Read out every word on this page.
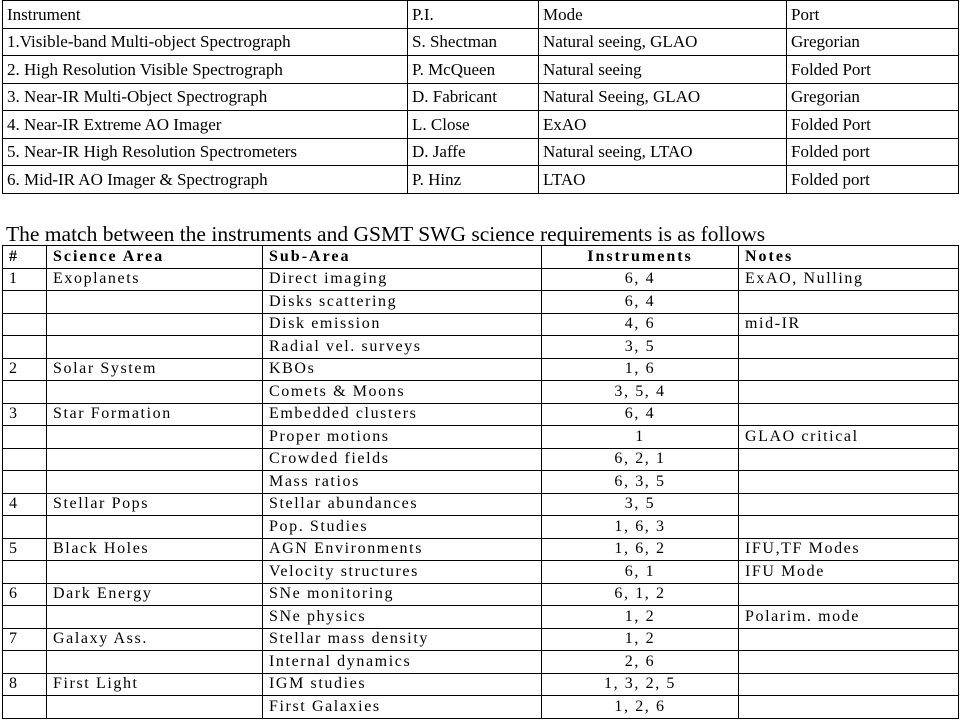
Instrument	P.I.	Mode	Port
1.Visible-band Multi-object Spectrograph	S. Shectman	Natural seeing, GLAO	Gregorian
2. High Resolution Visible Spectrograph	P. McQueen	Natural seeing	Folded Port
3. Near-IR Multi-Object Spectrograph	D. Fabricant	Natural Seeing, GLAO	Gregorian
4. Near-IR Extreme AO Imager	L. Close	ExAO	Folded Port
5. Near-IR High Resolution Spectrometers	D. Jaffe	Natural seeing, LTAO	Folded port
6. Mid-IR AO Imager & Spectrograph	P. Hinz	LTAO	Folded port
The match between the instruments and GSMT SWG science requirements is as follows
#	Science Area	Sub-Area	Instruments	Notes
1	Exoplanets	Direct imaging	6, 4	ExAO, Nulling
		Disks scattering	6, 4	
		Disk emission	4, 6	mid-IR
		Radial vel. surveys	3, 5	
2	Solar System	KBOs	1, 6	
		Comets & Moons	3, 5, 4	
3	Star Formation	Embedded clusters	6, 4	
		Proper motions	1	GLAO critical
		Crowded fields	6, 2, 1	
		Mass ratios	6, 3, 5	
4	Stellar Pops	Stellar abundances	3, 5	
		Pop. Studies	1, 6, 3	
5	Black Holes	AGN Environments	1, 6, 2	IFU,TF Modes
		Velocity structures	6, 1	IFU Mode
6	Dark Energy	SNe monitoring	6, 1, 2	
		SNe physics	1, 2	Polarim. mode
7	Galaxy Ass.	Stellar mass density	1, 2	
		Internal dynamics	2, 6	
8	First Light	IGM studies	1, 3, 2, 5	
		First Galaxies	1, 2, 6	
